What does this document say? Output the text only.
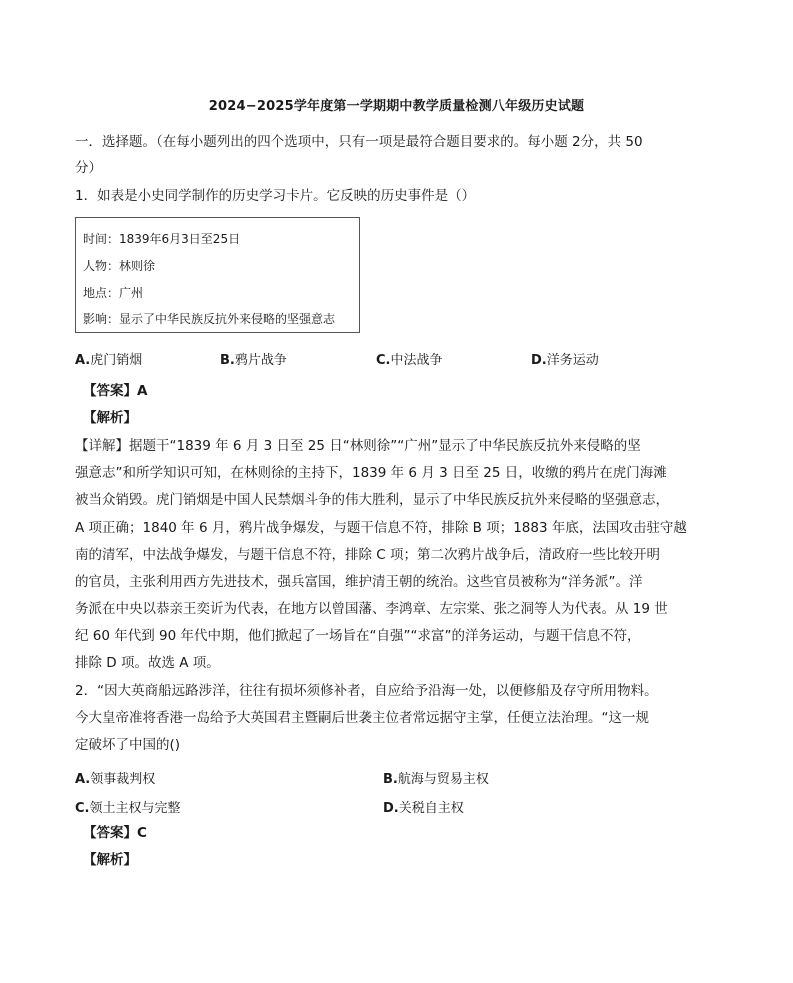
2024−2025学年度第一学期期中教学质量检测八年级历史试题
一．选择题。（在每小题列出的四个选项中，只有一项是最符合题目要求的。每小题 2分，共 50
分）
1．如表是小史同学制作的历史学习卡片。它反映的历史事件是（）
时间：1839年6月3日至25日
人物：林则徐
地点：广州
影响：显示了中华民族反抗外来侵略的坚强意志
A.虎门销烟	B.鸦片战争	C.中法战争	D.洋务运动
【答案】A
【解析】
【详解】据题干“1839 年 6 月 3 日至 25 日“林则徐”“广州”显示了中华民族反抗外来侵略的坚
强意志”和所学知识可知，在林则徐的主持下，1839 年 6 月 3 日至 25 日，收缴的鸦片在虎门海滩
被当众销毁。虎门销烟是中国人民禁烟斗争的伟大胜利，显示了中华民族反抗外来侵略的坚强意志，
A 项正确；1840 年 6 月，鸦片战争爆发，与题干信息不符，排除 B 项；1883 年底，法国攻击驻守越
南的清军，中法战争爆发，与题干信息不符，排除 C 项；第二次鸦片战争后，清政府一些比较开明
的官员，主张利用西方先进技术，强兵富国，维护清王朝的统治。这些官员被称为“洋务派”。洋
务派在中央以恭亲王奕䜣为代表，在地方以曾国藩、李鸿章、左宗棠、张之洞等人为代表。从 19 世
纪 60 年代到 90 年代中期，他们掀起了一场旨在“自强”“求富”的洋务运动，与题干信息不符，
排除 D 项。故选 A 项。
2．“因大英商船远路涉洋，往往有损坏须修补者，自应给予沿海一处，以便修船及存守所用物料。
今大皇帝准将香港一岛给予大英国君主暨嗣后世袭主位者常远据守主掌，任便立法治理。“这一规
定破坏了中国的()
A.领事裁判权	B.航海与贸易主权
C.领土主权与完整	D.关税自主权
【答案】C
【解析】
